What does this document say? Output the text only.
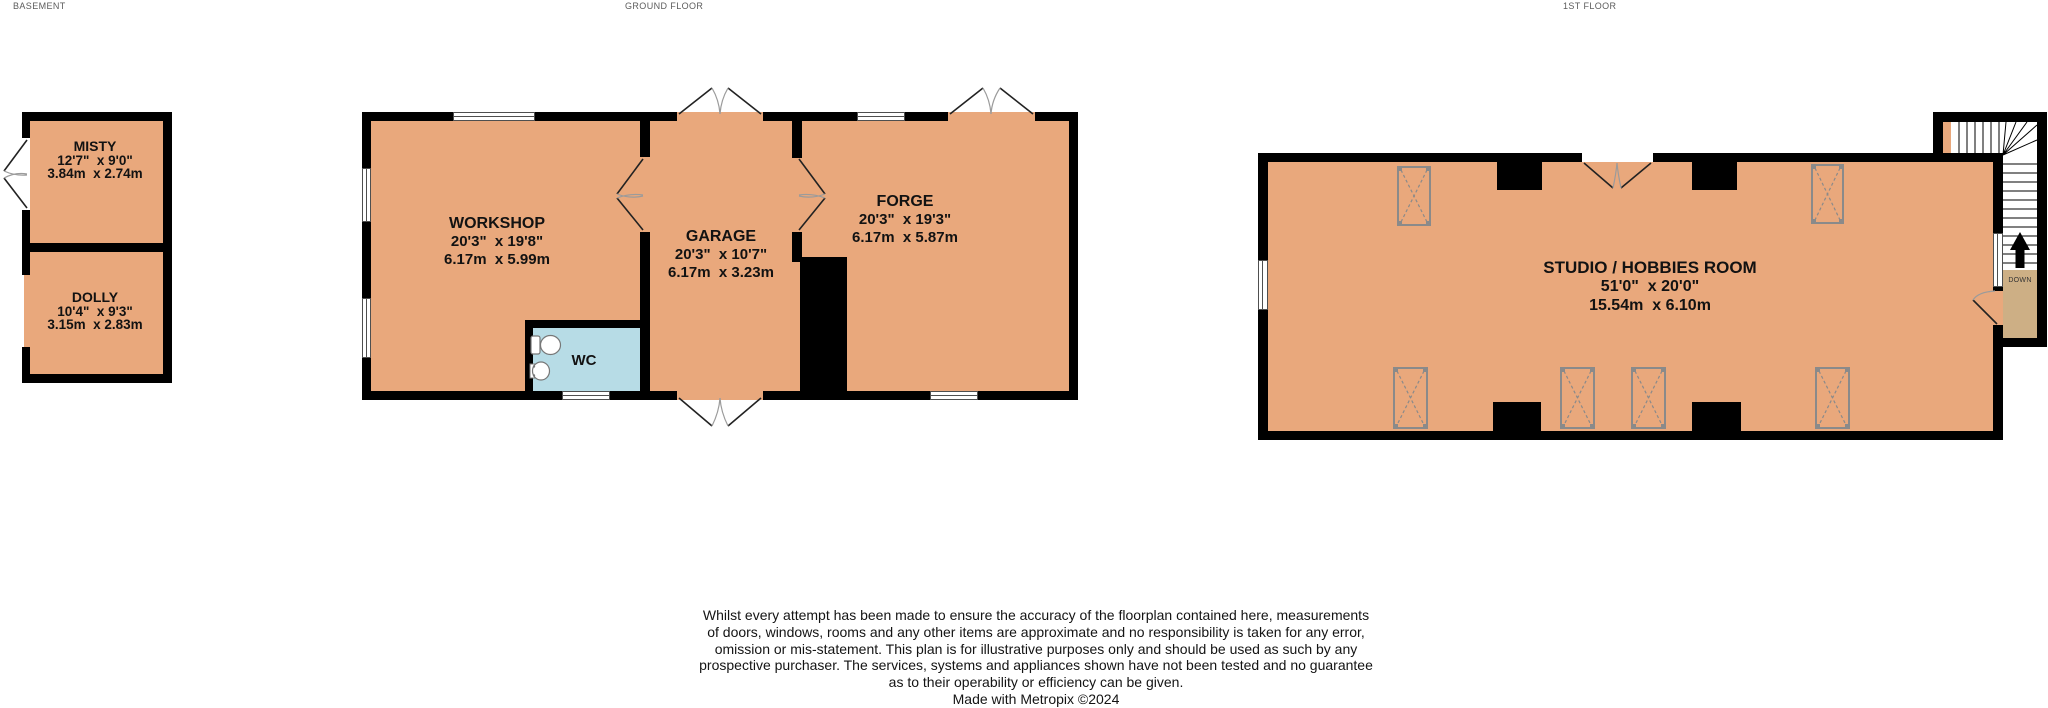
BASEMENT	GROUND FLOOR	1ST FLOOR
MISTY
12'7"  x 9'0"
3.84m  x 2.74m
DOLLY
10'4"  x 9'3"
3.15m  x 2.83m
WORKSHOP
20'3"  x 19'8"
6.17m  x 5.99m
GARAGE
20'3"  x 10'7"
6.17m  x 3.23m
FORGE
20'3"  x 19'3"
6.17m  x 5.87m
WC
STUDIO / HOBBIES ROOM
51'0"  x 20'0"
15.54m  x 6.10m
DOWN
Whilst every attempt has been made to ensure the accuracy of the floorplan contained here, measurements
of doors, windows, rooms and any other items are approximate and no responsibility is taken for any error,
omission or mis-statement. This plan is for illustrative purposes only and should be used as such by any
prospective purchaser. The services, systems and appliances shown have not been tested and no guarantee
as to their operability or efficiency can be given.
Made with Metropix ©2024
